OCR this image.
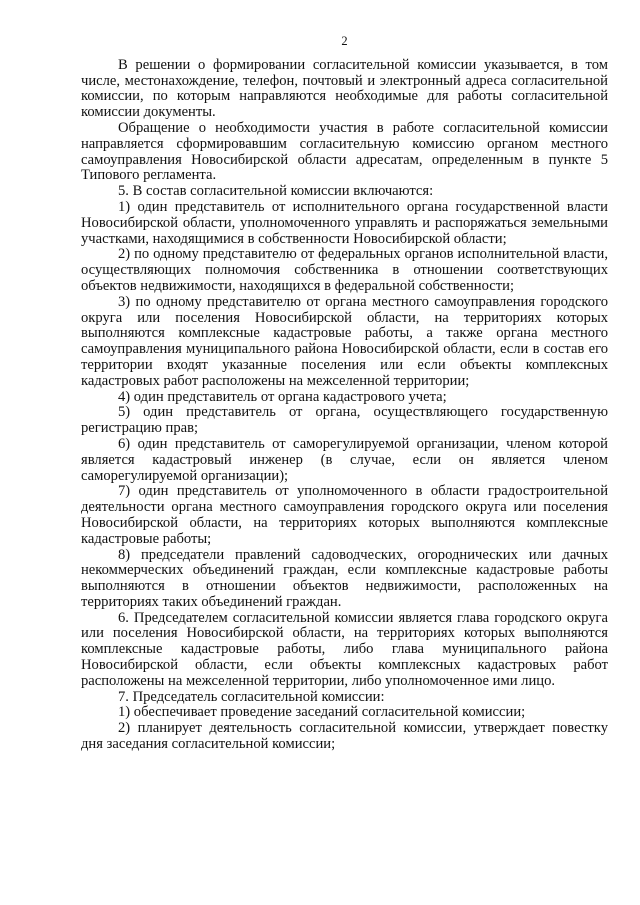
2

В решении о формировании согласительной комиссии указывается, в том числе, местонахождение, телефон, почтовый и электронный адреса согласительной комиссии, по которым направляются необходимые для работы согласительной комиссии документы.

Обращение о необходимости участия в работе согласительной комиссии направляется сформировавшим согласительную комиссию органом местного самоуправления Новосибирской области адресатам, определенным в пункте 5 Типового регламента.

5. В состав согласительной комиссии включаются:

1) один представитель от исполнительного органа государственной власти Новосибирской области, уполномоченного управлять и распоряжаться земельными участками, находящимися в собственности Новосибирской области;

2) по одному представителю от федеральных органов исполнительной власти, осуществляющих полномочия собственника в отношении соответствующих объектов недвижимости, находящихся в федеральной собственности;

3) по одному представителю от органа местного самоуправления городского округа или поселения Новосибирской области, на территориях которых выполняются комплексные кадастровые работы, а также органа местного самоуправления муниципального района Новосибирской области, если в состав его территории входят указанные поселения или если объекты комплексных кадастровых работ расположены на межселенной территории;

4) один представитель от органа кадастрового учета;

5) один представитель от органа, осуществляющего государственную регистрацию прав;

6) один представитель от саморегулируемой организации, членом которой является кадастровый инженер (в случае, если он является членом саморегулируемой организации);

7) один представитель от уполномоченного в области градостроительной деятельности органа местного самоуправления городского округа или поселения Новосибирской области, на территориях которых выполняются комплексные кадастровые работы;

8) председатели правлений садоводческих, огороднических или дачных некоммерческих объединений граждан, если комплексные кадастровые работы выполняются в отношении объектов недвижимости, расположенных на территориях таких объединений граждан.

6. Председателем согласительной комиссии является глава городского округа или поселения Новосибирской области, на территориях которых выполняются комплексные кадастровые работы, либо глава муниципального района Новосибирской области, если объекты комплексных кадастровых работ расположены на межселенной территории, либо уполномоченное ими лицо.

7. Председатель согласительной комиссии:

1) обеспечивает проведение заседаний согласительной комиссии;

2) планирует деятельность согласительной комиссии, утверждает повестку дня заседания согласительной комиссии;
